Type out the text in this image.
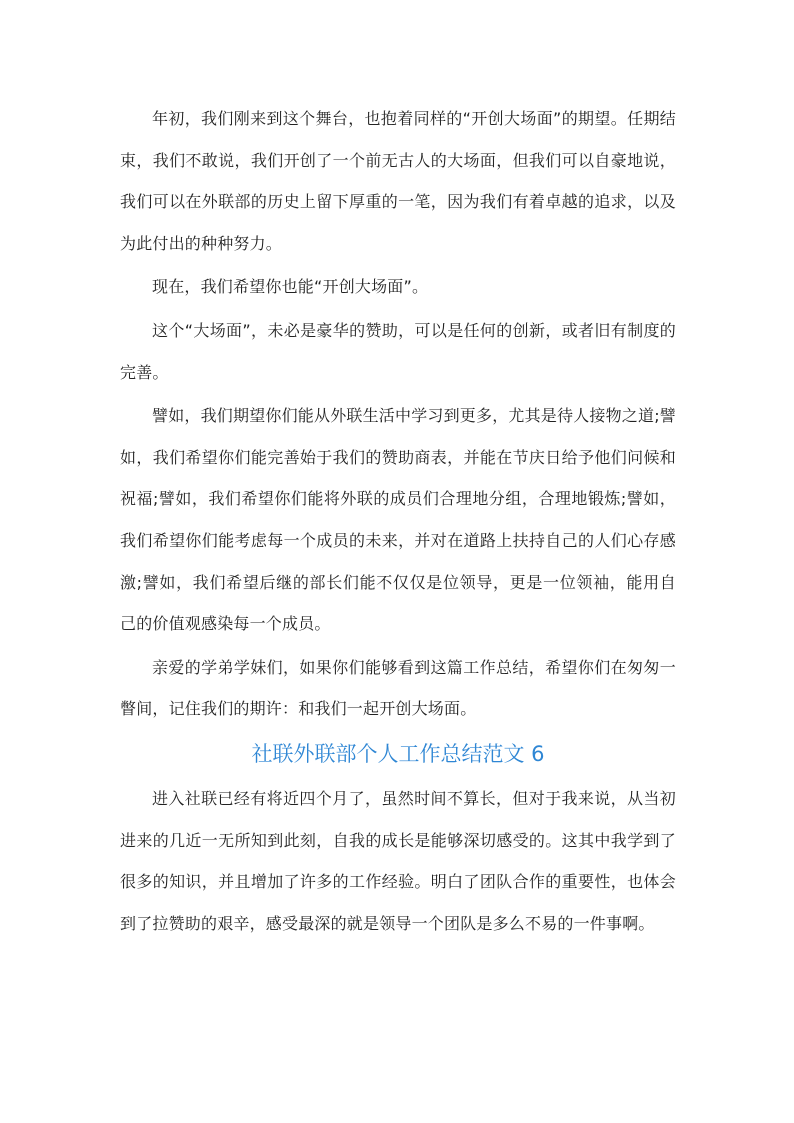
年初，我们刚来到这个舞台，也抱着同样的“开创大场面”的期望。任期结束，我们不敢说，我们开创了一个前无古人的大场面，但我们可以自豪地说，我们可以在外联部的历史上留下厚重的一笔，因为我们有着卓越的追求，以及为此付出的种种努力。

现在，我们希望你也能“开创大场面”。

这个“大场面”，未必是豪华的赞助，可以是任何的创新，或者旧有制度的完善。

譬如，我们期望你们能从外联生活中学习到更多，尤其是待人接物之道;譬如，我们希望你们能完善始于我们的赞助商表，并能在节庆日给予他们问候和祝福;譬如，我们希望你们能将外联的成员们合理地分组，合理地锻炼;譬如，我们希望你们能考虑每一个成员的未来，并对在道路上扶持自己的人们心存感激;譬如，我们希望后继的部长们能不仅仅是位领导，更是一位领袖，能用自己的价值观感染每一个成员。

亲爱的学弟学妹们，如果你们能够看到这篇工作总结，希望你们在匆匆一瞥间，记住我们的期许：和我们一起开创大场面。

社联外联部个人工作总结范文 6

进入社联已经有将近四个月了，虽然时间不算长，但对于我来说，从当初进来的几近一无所知到此刻，自我的成长是能够深切感受的。这其中我学到了很多的知识，并且增加了许多的工作经验。明白了团队合作的重要性，也体会到了拉赞助的艰辛，感受最深的就是领导一个团队是多么不易的一件事啊。
